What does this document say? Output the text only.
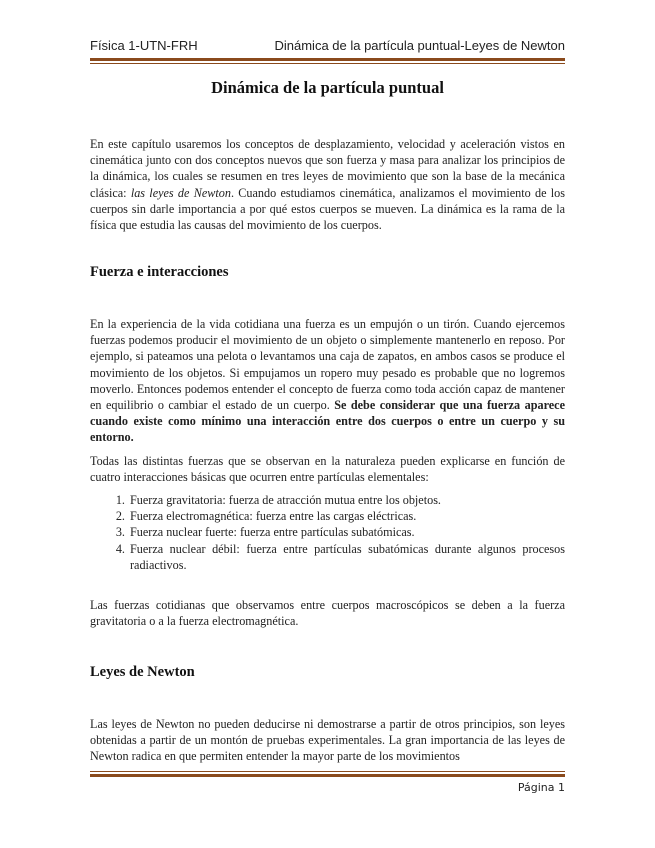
Física 1-UTN-FRH	Dinámica de la partícula puntual-Leyes de Newton
Dinámica de la partícula puntual

En este capítulo usaremos los conceptos de desplazamiento, velocidad y aceleración vistos en cinemática junto con dos conceptos nuevos que son fuerza y masa para analizar los principios de la dinámica, los cuales se resumen en tres leyes de movimiento que son la base de la mecánica clásica: las leyes de Newton. Cuando estudiamos cinemática, analizamos el movimiento de los cuerpos sin darle importancia a por qué estos cuerpos se mueven. La dinámica es la rama de la física que estudia las causas del movimiento de los cuerpos.

Fuerza e interacciones

En la experiencia de la vida cotidiana una fuerza es un empujón o un tirón. Cuando ejercemos fuerzas podemos producir el movimiento de un objeto o simplemente mantenerlo en reposo. Por ejemplo, si pateamos una pelota o levantamos una caja de zapatos, en ambos casos se produce el movimiento de los objetos. Si empujamos un ropero muy pesado es probable que no logremos moverlo. Entonces podemos entender el concepto de fuerza como toda acción capaz de mantener en equilibrio o cambiar el estado de un cuerpo. Se debe considerar que una fuerza aparece cuando existe como mínimo una interacción entre dos cuerpos o entre un cuerpo y su entorno.

Todas las distintas fuerzas que se observan en la naturaleza pueden explicarse en función de cuatro interacciones básicas que ocurren entre partículas elementales:

1. Fuerza gravitatoria: fuerza de atracción mutua entre los objetos.
2. Fuerza electromagnética: fuerza entre las cargas eléctricas.
3. Fuerza nuclear fuerte: fuerza entre partículas subatómicas.
4. Fuerza nuclear débil: fuerza entre partículas subatómicas durante algunos procesos radiactivos.

Las fuerzas cotidianas que observamos entre cuerpos macroscópicos se deben a la fuerza gravitatoria o a la fuerza electromagnética.

Leyes de Newton

Las leyes de Newton no pueden deducirse ni demostrarse a partir de otros principios, son leyes obtenidas a partir de un montón de pruebas experimentales. La gran importancia de las leyes de Newton radica en que permiten entender la mayor parte de los movimientos

Página 1
